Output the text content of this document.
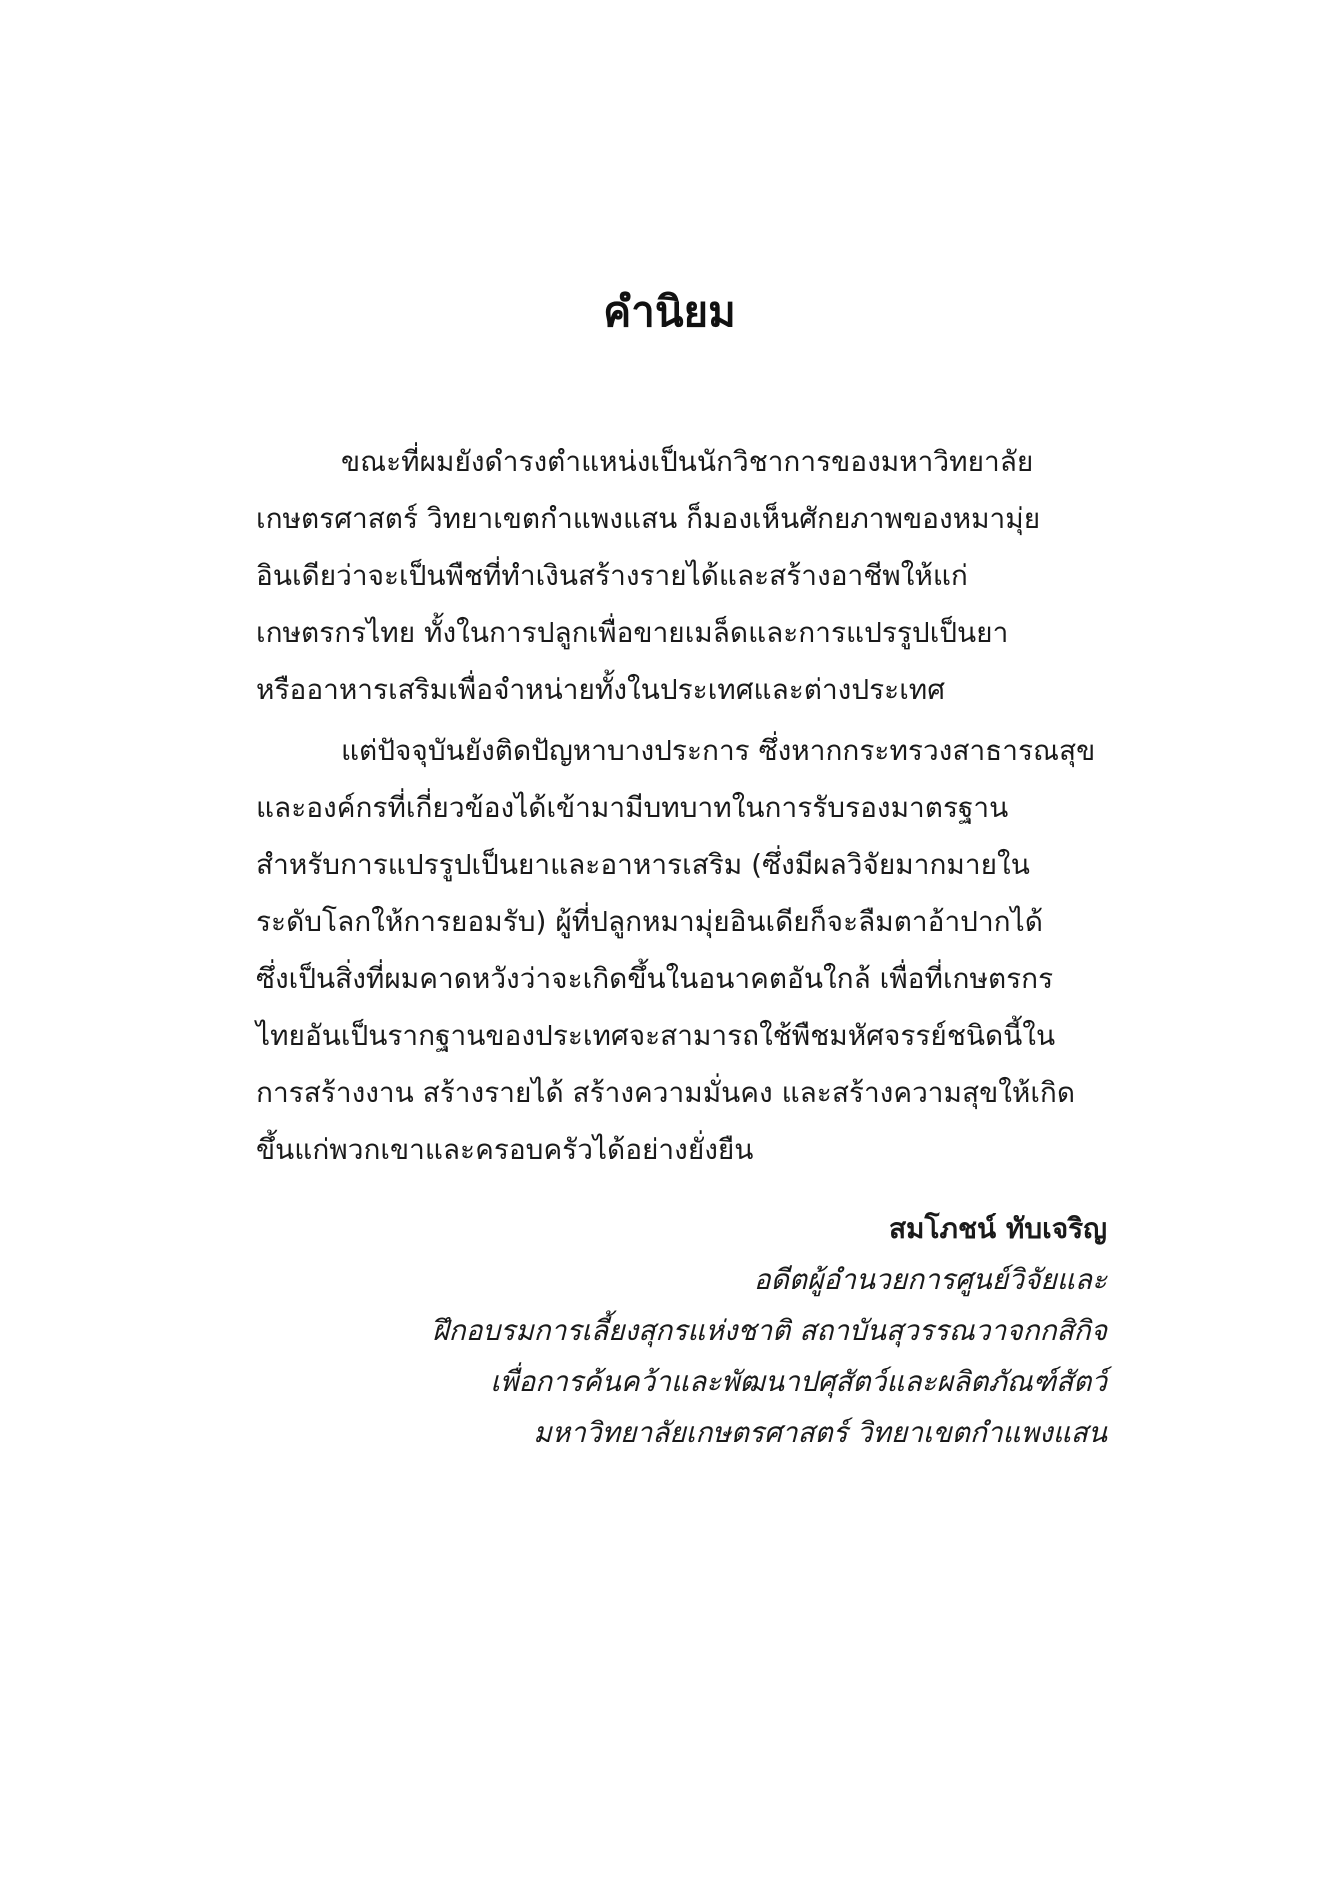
คำนิยม
ขณะที่ผมยังดำรงตำแหน่งเป็นนักวิชาการของมหาวิทยาลัย
เกษตรศาสตร์ วิทยาเขตกำแพงแสน ก็มองเห็นศักยภาพของหมามุ่ย
อินเดียว่าจะเป็นพืชที่ทำเงินสร้างรายได้และสร้างอาชีพให้แก่
เกษตรกรไทย ทั้งในการปลูกเพื่อขายเมล็ดและการแปรรูปเป็นยา
หรืออาหารเสริมเพื่อจำหน่ายทั้งในประเทศและต่างประเทศ
แต่ปัจจุบันยังติดปัญหาบางประการ ซึ่งหากกระทรวงสาธารณสุข
และองค์กรที่เกี่ยวข้องได้เข้ามามีบทบาทในการรับรองมาตรฐาน
สำหรับการแปรรูปเป็นยาและอาหารเสริม (ซึ่งมีผลวิจัยมากมายใน
ระดับโลกให้การยอมรับ) ผู้ที่ปลูกหมามุ่ยอินเดียก็จะลืมตาอ้าปากได้
ซึ่งเป็นสิ่งที่ผมคาดหวังว่าจะเกิดขึ้นในอนาคตอันใกล้ เพื่อที่เกษตรกร
ไทยอันเป็นรากฐานของประเทศจะสามารถใช้พืชมหัศจรรย์ชนิดนี้ใน
การสร้างงาน สร้างรายได้ สร้างความมั่นคง และสร้างความสุขให้เกิด
ขึ้นแก่พวกเขาและครอบครัวได้อย่างยั่งยืน
สมโภชน์ ทับเจริญ
อดีตผู้อำนวยการศูนย์วิจัยและ
ฝึกอบรมการเลี้ยงสุกรแห่งชาติ สถาบันสุวรรณวาจกกสิกิจ
เพื่อการค้นคว้าและพัฒนาปศุสัตว์และผลิตภัณฑ์สัตว์
มหาวิทยาลัยเกษตรศาสตร์ วิทยาเขตกำแพงแสน
